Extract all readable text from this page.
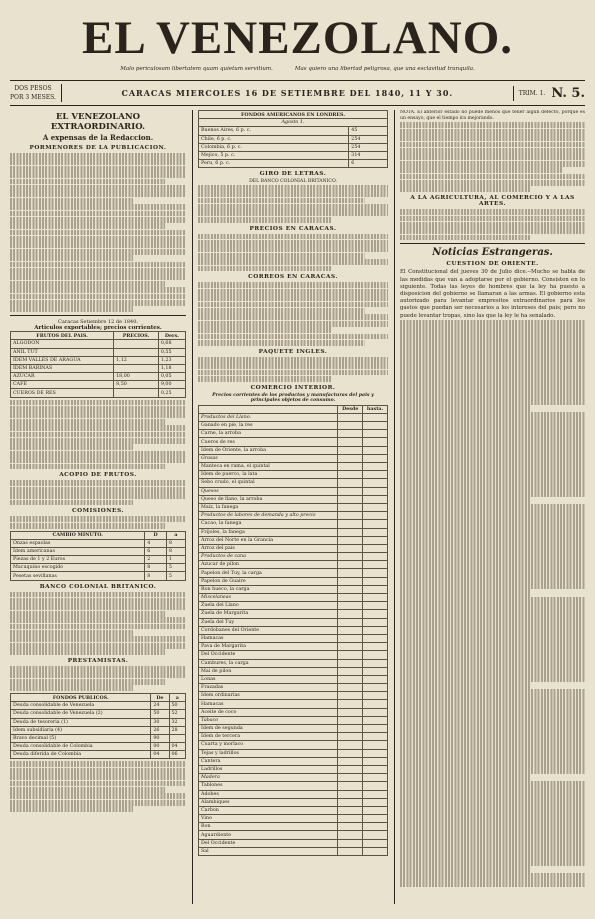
EL VENEZOLANO.
Malo periculosam libertatem quam quietum servitium.	Mas quiero una libertad peligrosa, que una esclavitud tranquila.
DOS PESOS
POR 3 MESES.	CARACAS MIERCOLES 16 DE SETIEMBRE DEL 1840, 11 Y 30.	TRIM. 1. N. 5.
EL VENEZOLANO EXTRAORDINARIO.
A expensas de la Redaccion.
PORMENORES DE LA PUBLICACION.
Caracas Setiembre 12 de 1840.
Articulos exportables; precios corrientes.
FRUTOS DEL PAIS.	PRECIOS.	Ders.
ALGODON		0,68
ANIL TUT		0,55
IDEM VALLES DE ARAGUA	1,12	1,23
IDEM BARINAS		1,18
AZUCAR	18,00	0,05
CAFE	8,50	9,00
CUEROS DE RES		0,25
ACOPIO DE FRUTOS.
COMISIONES.
CAMBIO MINUTO.	D	a
Onzas espaolas	4	8
Idem americanas	6	8
Piezas de 1 y 2 Euros	2	1
Macuquino escogido	8	5
Pesetas sevillanas	8	5
BANCO COLONIAL BRITANICO.
PRESTAMISTAS.
FONDOS PUBLICOS.	De	a
Deuda consolidable de Venezuela	24	50
Deuda consolidable de Venezuela (2)	50	52
Deuda de tesoreria (1)	30	32
Idem subsidiaria (4)	26	28
Bravo decimal (5)	90	
Deuda consolidable de Colombia	00	04
Deuda diferida de Colombia	04	06
FONDOS AMERICANOS EN LONDRES.	
Agosto 1.	
Buenos Aires, 6 p. c.	45
Chile, 6 p. c.	254
Colombia, 6 p. c.	254
Mejico, 5 p. c.	314
Peru, 6 p. c.	6
GIRO DE LETRAS.
DEL BANCO COLONIAL BRITANICO.
PRECIOS EN CARACAS.
CORREOS EN CARACAS.
PAQUETE INGLES.
COMERCIO INTERIOR.
Precios corrientes de los productos y manufacturas del pais y principales objetos de consumo.
	Desde	hasta.
Productos del Llano.		
Ganado en pie, la res		
Carne, la arroba		
Cueros de res		
Idem de Oriente, la arroba		
Grasas		
Manteca en rama, el quintal		
Idem de puerco, la lata		
Sebo crudo, el quintal		
Quesos		
Queso de llano, la arroba		
Maiz, la fanega		
Productos de labores de demanda y alto precio		
Cacao, la fanega		
Frijoles, la fanega		
Arroz del Norte en la Grancia		
Arroz del pais		
Productos de cana		
Azucar de pilon		
Papelon del Tuy, la carga		
Papelon de Guaire		
Ron hueco, la carga		
Miscelaneas		
Zuela del Llano		
Zuela de Margarita		
Zuela del Tuy		
Cordobanes del Oriente		
Hamacas		
Pava de Margarita		
Del Occidente		
Cambures, la carga		
Mai de pilon		
Lonas		
Frazadas		
Idem ordinarias		
Hamacas		
Aceite de coco		
Tabaco		
Idem de segunda		
Idem de tercera		
Cuarta y morlaco		
Tejas y ladrillos		
Cantera		
Ladrillos		
Madera		
Tablones		
Adobes		
Alambiques		
Carbon		
Vino		
Ron		
Aguardiente		
Del Occidente		
Sal		
NOTA. El anterior estado no puede menos que tener algun defecto, porque es un ensayo, que el tiempo ira mejorando.
A LA AGRICULTURA, AL COMERCIO Y A LAS ARTES.
Noticias Estrangeras.
CUESTION DE ORIENTE.
El Constitucional del jueves 30 de Julio dice.--Mucho se habla de las medidas que van a adoptarse por el gobierno. Consisten en lo siguiente. Todas las leyes de hombres que la ley ha puesto a disposicion del gobierno se llamaran a las armas. El gobierno esta autorizado para levantar empresitos extraordinarios para los gastos que puedan ser necesarios a los intereses del pais; pero no puede levantar tropas, sino las que la ley le ha senalado.
